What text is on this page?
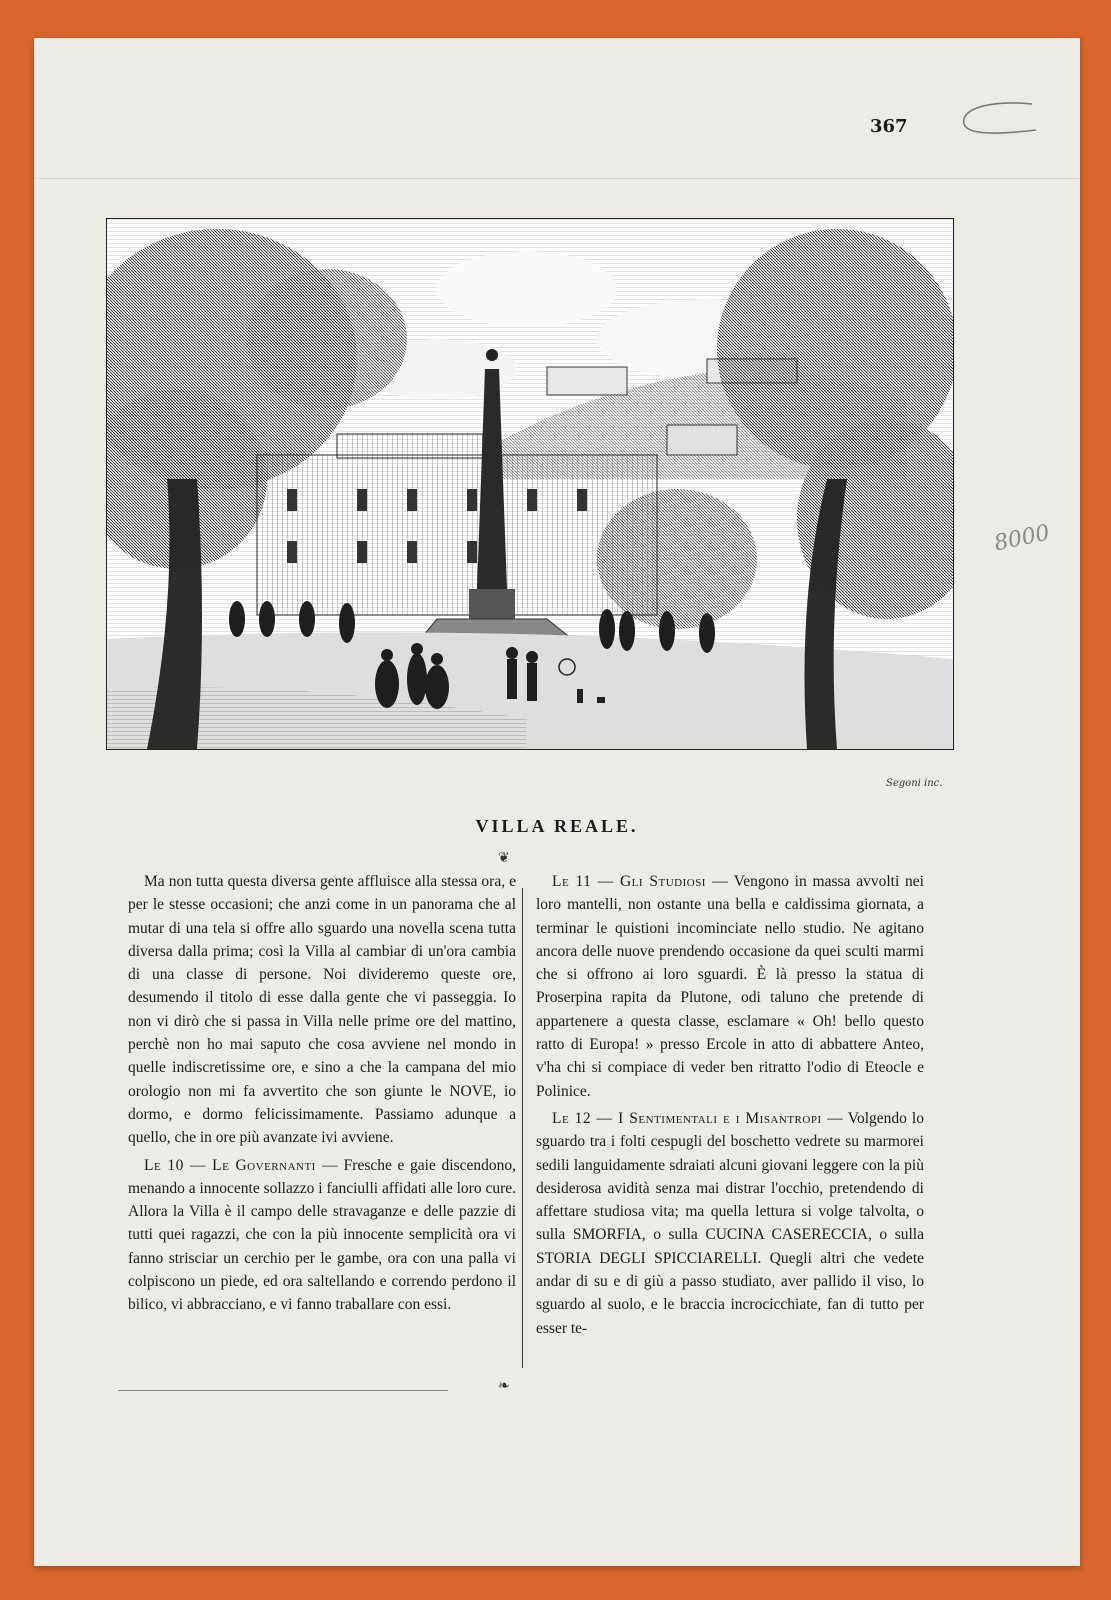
367
8000
Segoni inc.
VILLA REALE.
❦

Ma non tutta questa diversa gente affluisce alla stessa ora, e per le stesse occasioni; che anzi come in un panorama che al mutar di una tela si offre allo sguardo una novella scena tutta diversa dalla prima; così la Villa al cambiar di un'ora cambia di una classe di persone. Noi divideremo queste ore, desumendo il titolo di esse dalla gente che vi passeggia. Io non vi dirò che si passa in Villa nelle prime ore del mattino, perchè non ho mai saputo che cosa avviene nel mondo in quelle indiscretissime ore, e sino a che la campana del mio orologio non mi fa avvertito che son giunte le NOVE, io dormo, e dormo felicissimamente. Passiamo adunque a quello, che in ore più avanzate ivi avviene.

Le 10 — Le Governanti — Fresche e gaie discendono, menando a innocente sollazzo i fanciulli affidati alle loro cure. Allora la Villa è il campo delle stravaganze e delle pazzie di tutti quei ragazzi, che con la più innocente semplicità ora vi fanno strisciar un cerchio per le gambe, ora con una palla vi colpiscono un piede, ed ora saltellando e correndo perdono il bilico, vi abbracciano, e vi fanno traballare con essi.

Le 11 — Gli Studiosi — Vengono in massa avvolti nei loro mantelli, non ostante una bella e caldissima giornata, a terminar le quistioni incominciate nello studio. Ne agitano ancora delle nuove prendendo occasione da quei sculti marmi che si offrono ai loro sguardi. È là presso la statua di Proserpina rapita da Plutone, odi taluno che pretende di appartenere a questa classe, esclamare « Oh! bello questo ratto di Europa! » presso Ercole in atto di abbattere Anteo, v'ha chi si compiace di veder ben ritratto l'odio di Eteocle e Polinice.

Le 12 — I Sentimentali e i Misantropi — Volgendo lo sguardo tra i folti cespugli del boschetto vedrete su marmorei sedili languidamente sdraiati alcuni giovani leggere con la più desiderosa avidità senza mai distrar l'occhio, pretendendo di affettare studiosa vita; ma quella lettura si volge talvolta, o sulla SMORFIA, o sulla CUCINA CASERECCIA, o sulla STORIA DEGLI SPICCIARELLI. Quegli altri che vedete andar di su e di giù a passo studiato, aver pallido il viso, lo sguardo al suolo, e le braccia incrocicchiate, fan di tutto per esser te-

❧
